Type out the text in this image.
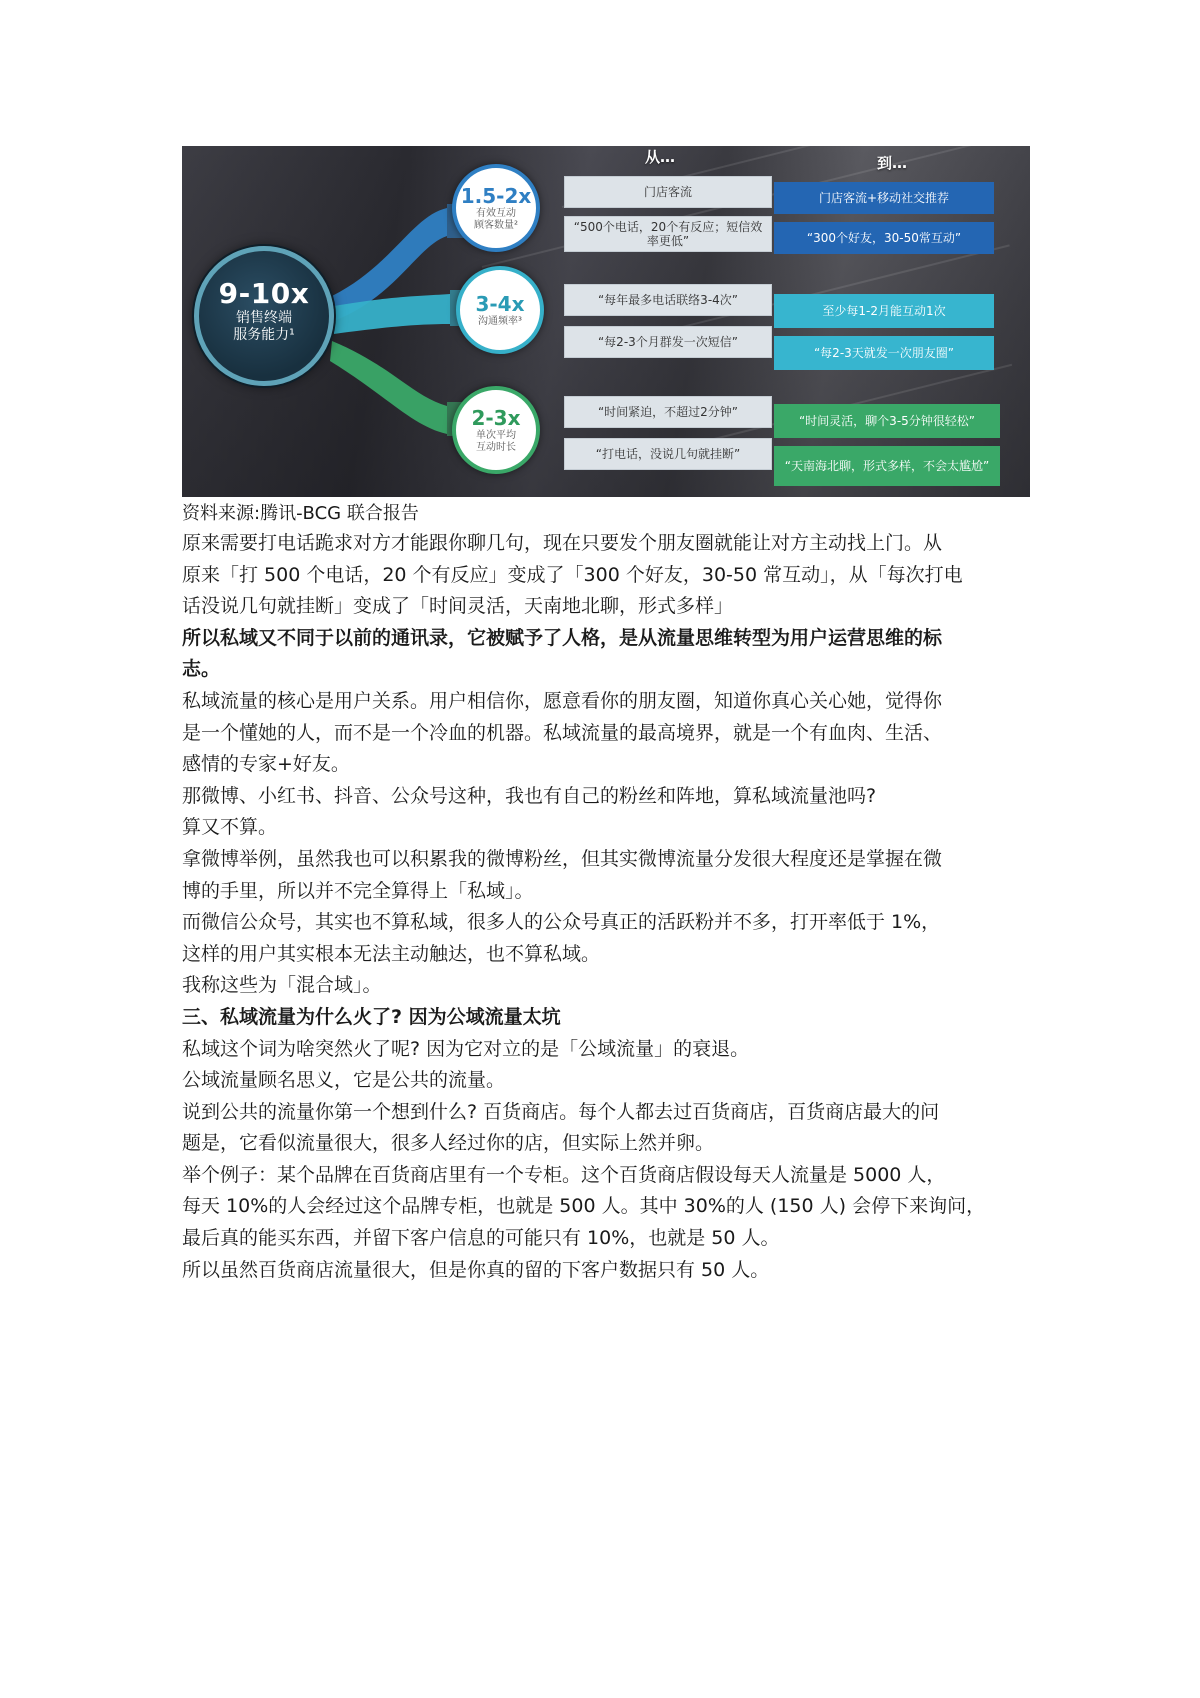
从…	到…
9-10x
销售终端
服务能力¹
1.5-2x
有效互动
顾客数量²
门店客流
“500个电话，20个有反应；短信效率更低”
门店客流+移动社交推荐
“300个好友，30-50常互动”
3-4x
沟通频率³
“每年最多电话联络3-4次”
“每2-3个月群发一次短信”
至少每1-2月能互动1次
“每2-3天就发一次朋友圈”
2-3x
单次平均
互动时长
“时间紧迫，不超过2分钟”
“打电话，没说几句就挂断”
“时间灵活，聊个3-5分钟很轻松”
“天南海北聊，形式多样，不会太尴尬”
资料来源:腾讯-BCG 联合报告
原来需要打电话跪求对方才能跟你聊几句，现在只要发个朋友圈就能让对方主动找上门。从
原来「打 500 个电话，20 个有反应」变成了「300 个好友，30-50 常互动」，从「每次打电
话没说几句就挂断」变成了「时间灵活，天南地北聊，形式多样」
所以私域又不同于以前的通讯录，它被赋予了人格，是从流量思维转型为用户运营思维的标
志。
私域流量的核心是用户关系。用户相信你，愿意看你的朋友圈，知道你真心关心她，觉得你
是一个懂她的人，而不是一个冷血的机器。私域流量的最高境界，就是一个有血肉、生活、
感情的专家+好友。
那微博、小红书、抖音、公众号这种，我也有自己的粉丝和阵地，算私域流量池吗?
算又不算。
拿微博举例，虽然我也可以积累我的微博粉丝，但其实微博流量分发很大程度还是掌握在微
博的手里，所以并不完全算得上「私域」。
而微信公众号，其实也不算私域，很多人的公众号真正的活跃粉并不多，打开率低于 1%，
这样的用户其实根本无法主动触达，也不算私域。
我称这些为「混合域」。
三、私域流量为什么火了? 因为公域流量太坑
私域这个词为啥突然火了呢? 因为它对立的是「公域流量」的衰退。
公域流量顾名思义，它是公共的流量。
说到公共的流量你第一个想到什么? 百货商店。每个人都去过百货商店，百货商店最大的问
题是，它看似流量很大，很多人经过你的店，但实际上然并卵。
举个例子：某个品牌在百货商店里有一个专柜。这个百货商店假设每天人流量是 5000 人，
每天 10%的人会经过这个品牌专柜，也就是 500 人。其中 30%的人 (150 人) 会停下来询问，
最后真的能买东西，并留下客户信息的可能只有 10%，也就是 50 人。
所以虽然百货商店流量很大，但是你真的留的下客户数据只有 50 人。
